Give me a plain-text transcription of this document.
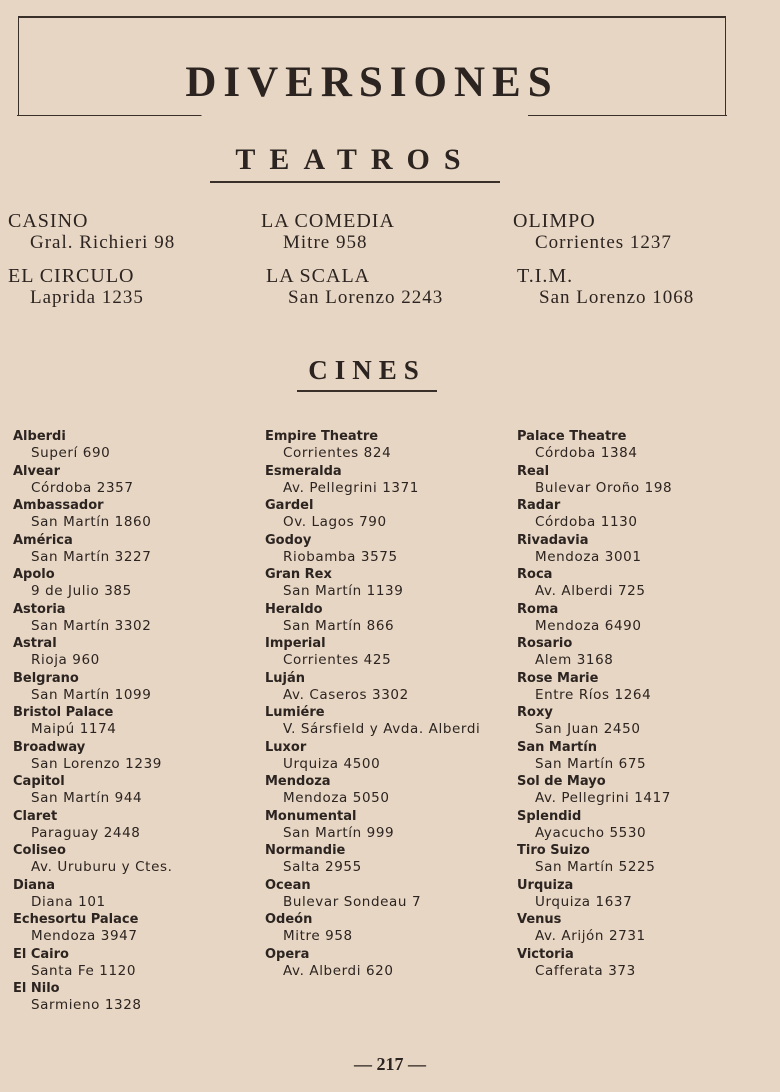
DIVERSIONES
TEATROS
CASINO
Gral. Richieri 98
LA COMEDIA
Mitre 958
OLIMPO
Corrientes 1237
EL CIRCULO
Laprida 1235
LA SCALA
San Lorenzo 2243
T.I.M.
San Lorenzo 1068
CINES
Alberdi
Superí 690
Alvear
Córdoba 2357
Ambassador
San Martín 1860
América
San Martín 3227
Apolo
9 de Julio 385
Astoria
San Martín 3302
Astral
Rioja 960
Belgrano
San Martín 1099
Bristol Palace
Maipú 1174
Broadway
San Lorenzo 1239
Capitol
San Martín 944
Claret
Paraguay 2448
Coliseo
Av. Uruburu y Ctes.
Diana
Diana 101
Echesortu Palace
Mendoza 3947
El Cairo
Santa Fe 1120
El Nilo
Sarmieno 1328
Empire Theatre
Corrientes 824
Esmeralda
Av. Pellegrini 1371
Gardel
Ov. Lagos 790
Godoy
Riobamba 3575
Gran Rex
San Martín 1139
Heraldo
San Martín 866
Imperial
Corrientes 425
Luján
Av. Caseros 3302
Lumiére
V. Sársfield y Avda. Alberdi
Luxor
Urquiza 4500
Mendoza
Mendoza 5050
Monumental
San Martín 999
Normandie
Salta 2955
Ocean
Bulevar Sondeau 7
Odeón
Mitre 958
Opera
Av. Alberdi 620
Palace Theatre
Córdoba 1384
Real
Bulevar Oroño 198
Radar
Córdoba 1130
Rivadavia
Mendoza 3001
Roca
Av. Alberdi 725
Roma
Mendoza 6490
Rosario
Alem 3168
Rose Marie
Entre Ríos 1264
Roxy
San Juan 2450
San Martín
San Martín 675
Sol de Mayo
Av. Pellegrini 1417
Splendid
Ayacucho 5530
Tiro Suizo
San Martín 5225
Urquiza
Urquiza 1637
Venus
Av. Arijón 2731
Victoria
Cafferata 373
— 217 —
